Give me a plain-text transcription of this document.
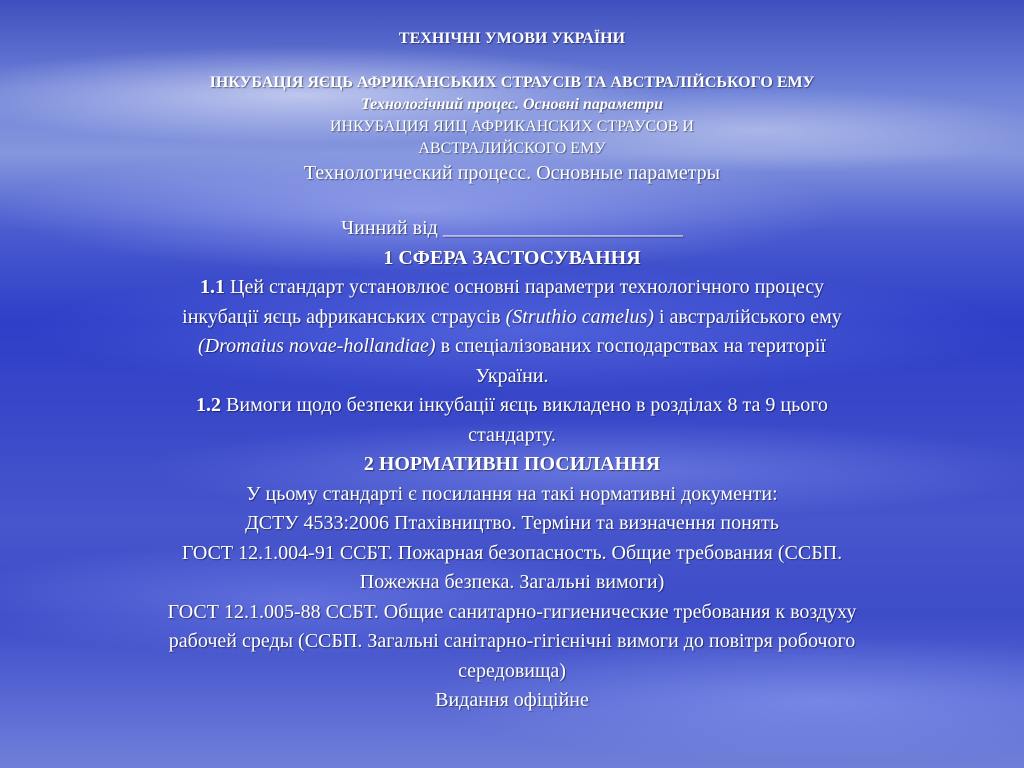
ТЕХНІЧНІ УМОВИ УКРАЇНИ
ІНКУБАЦІЯ ЯЄЦЬ АФРИКАНСЬКИХ СТРАУСІВ ТА АВСТРАЛІЙСЬКОГО ЕМУ
Технологічний процес. Основні параметри
ИНКУБАЦИЯ ЯИЦ АФРИКАНСКИХ СТРАУСОВ И
АВСТРАЛИЙСКОГО ЕМУ
Технологический процесс. Основные параметры
Чинний від ________________________
1 СФЕРА ЗАСТОСУВАННЯ
1.1 Цей стандарт установлює основні параметри технологічного процесу
інкубації яєць африканських страусів (Struthio camelus) і австралійського ему
(Dromaius novae-hollandiae) в спеціалізованих господарствах на території
України.
1.2 Вимоги щодо безпеки інкубації яєць викладено в розділах 8 та 9 цього
стандарту.
2 НОРМАТИВНІ ПОСИЛАННЯ
У цьому стандарті є посилання на такі нормативні документи:
ДСТУ 4533:2006 Птахівництво. Терміни та визначення понять
ГОСТ 12.1.004-91 ССБТ. Пожарная безопасность. Общие требования (ССБП.
Пожежна безпека. Загальні вимоги)
ГОСТ 12.1.005-88 ССБТ. Общие санитарно-гигиенические требования к воздуху
рабочей среды (ССБП. Загальні санітарно-гігієнічні вимоги до повітря робочого
середовища)
Видання офіційне
